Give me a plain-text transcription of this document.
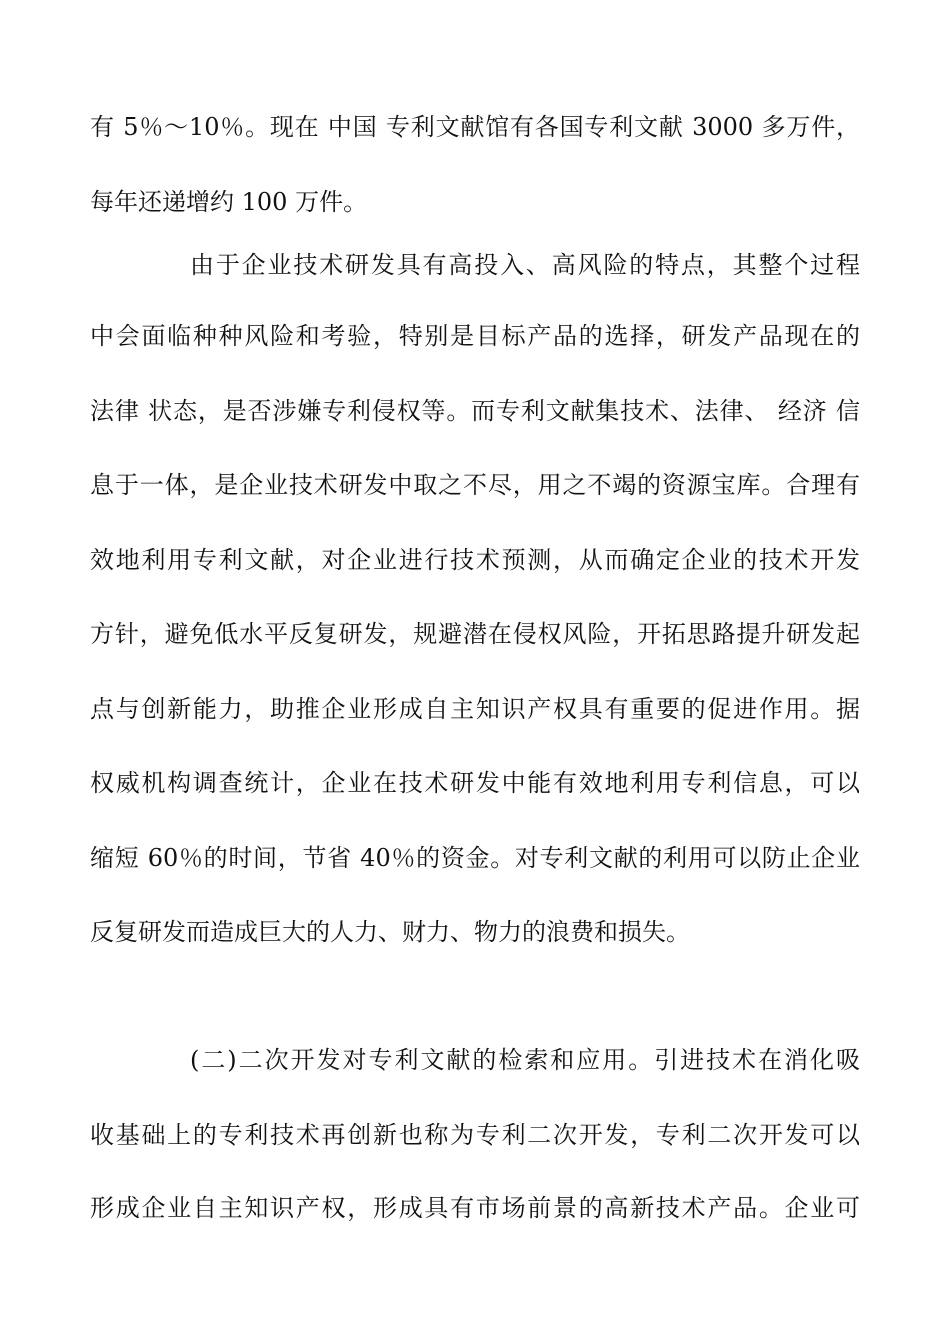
有 5％～10％。现在 中国 专利文献馆有各国专利文献 3000 多万件，
每年还递增约 100 万件。
由于企业技术研发具有高投入、高风险的特点，其整个过程
中会面临种种风险和考验，特别是目标产品的选择，研发产品现在的
法律 状态，是否涉嫌专利侵权等。而专利文献集技术、法律、 经济 信
息于一体，是企业技术研发中取之不尽，用之不竭的资源宝库。合理有
效地利用专利文献，对企业进行技术预测，从而确定企业的技术开发
方针，避免低水平反复研发，规避潜在侵权风险，开拓思路提升研发起
点与创新能力，助推企业形成自主知识产权具有重要的促进作用。据
权威机构调查统计，企业在技术研发中能有效地利用专利信息，可以
缩短 60％的时间，节省 40％的资金。对专利文献的利用可以防止企业
反复研发而造成巨大的人力、财力、物力的浪费和损失。
(二)二次开发对专利文献的检索和应用。引进技术在消化吸
收基础上的专利技术再创新也称为专利二次开发，专利二次开发可以
形成企业自主知识产权，形成具有市场前景的高新技术产品。企业可
